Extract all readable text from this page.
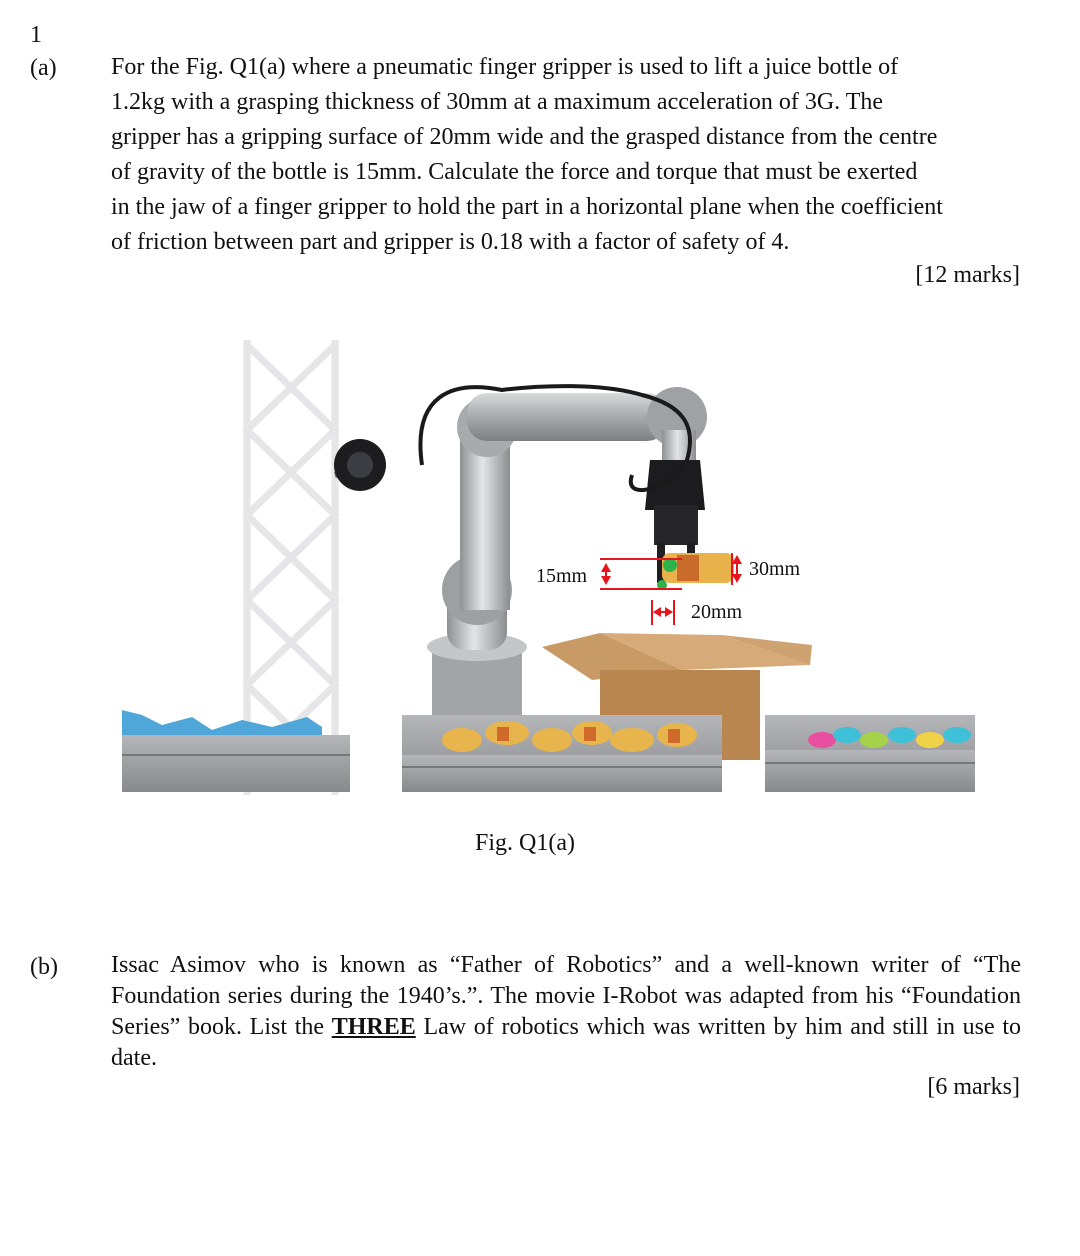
1
(a) For the Fig. Q1(a) where a pneumatic finger gripper is used to lift a juice bottle of
1.2kg with a grasping thickness of 30mm at a maximum acceleration of 3G. The
gripper has a gripping surface of 20mm wide and the grasped distance from the centre
of gravity of the bottle is 15mm. Calculate the force and torque that must be exerted
in the jaw of a finger gripper to hold the part in a horizontal plane when the coefficient
of friction between part and gripper is 0.18 with a factor of safety of 4.
[12 marks]
15mm	30mm
20mm
Fig. Q1(a)
(b) Issac Asimov who is known as “Father of Robotics” and a well-known writer of “The Foundation series during the 1940’s.”. The movie I-Robot was adapted from his “Foundation Series” book. List the THREE Law of robotics which was written by him and still in use to date.
[6 marks]
